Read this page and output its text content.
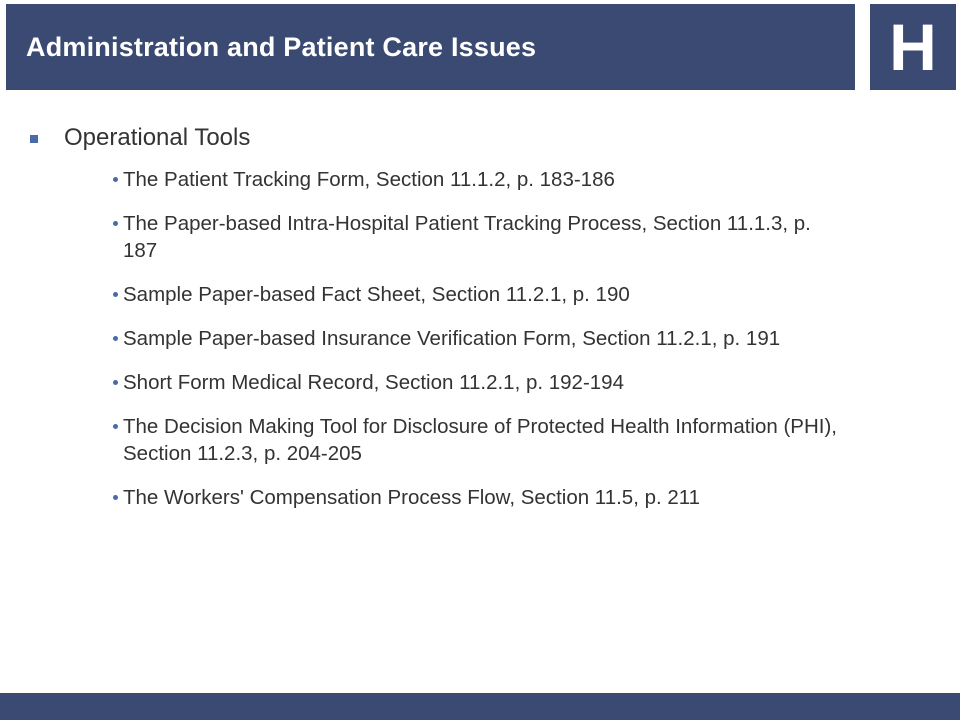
Administration and Patient Care Issues	H
Operational Tools
The Patient Tracking Form, Section 11.1.2, p. 183-186
The Paper-based Intra-Hospital Patient Tracking Process, Section 11.1.3, p. 187
Sample Paper-based Fact Sheet, Section 11.2.1, p. 190
Sample Paper-based Insurance Verification Form, Section 11.2.1, p. 191
Short Form Medical Record, Section 11.2.1, p. 192-194
The Decision Making Tool for Disclosure of Protected Health Information (PHI), Section 11.2.3, p. 204-205
The Workers' Compensation Process Flow, Section 11.5, p. 211
